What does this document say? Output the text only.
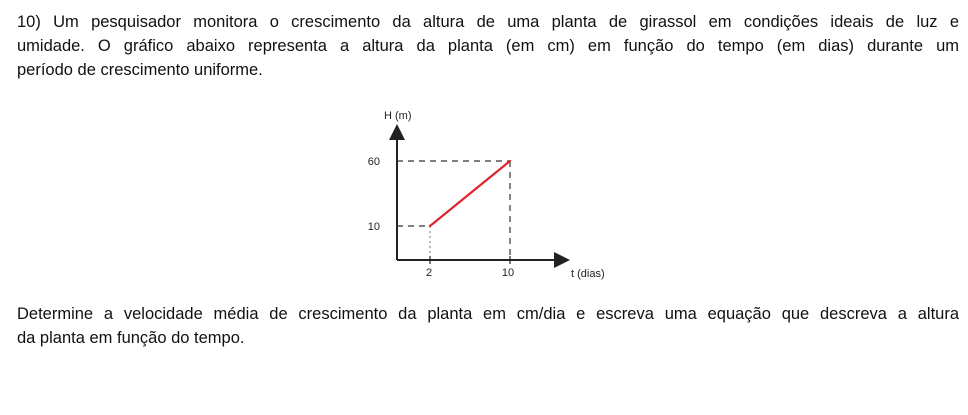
10) Um pesquisador monitora o crescimento da altura de uma planta de girassol em condições ideais de luz e
umidade. O gráfico abaixo representa a altura da planta (em cm) em função do tempo (em dias) durante um
período de crescimento uniforme.
H (m)
t (dias)
2	10
60
10
Determine a velocidade média de crescimento da planta em cm/dia e escreva uma equação que descreva a altura
da planta em função do tempo.
